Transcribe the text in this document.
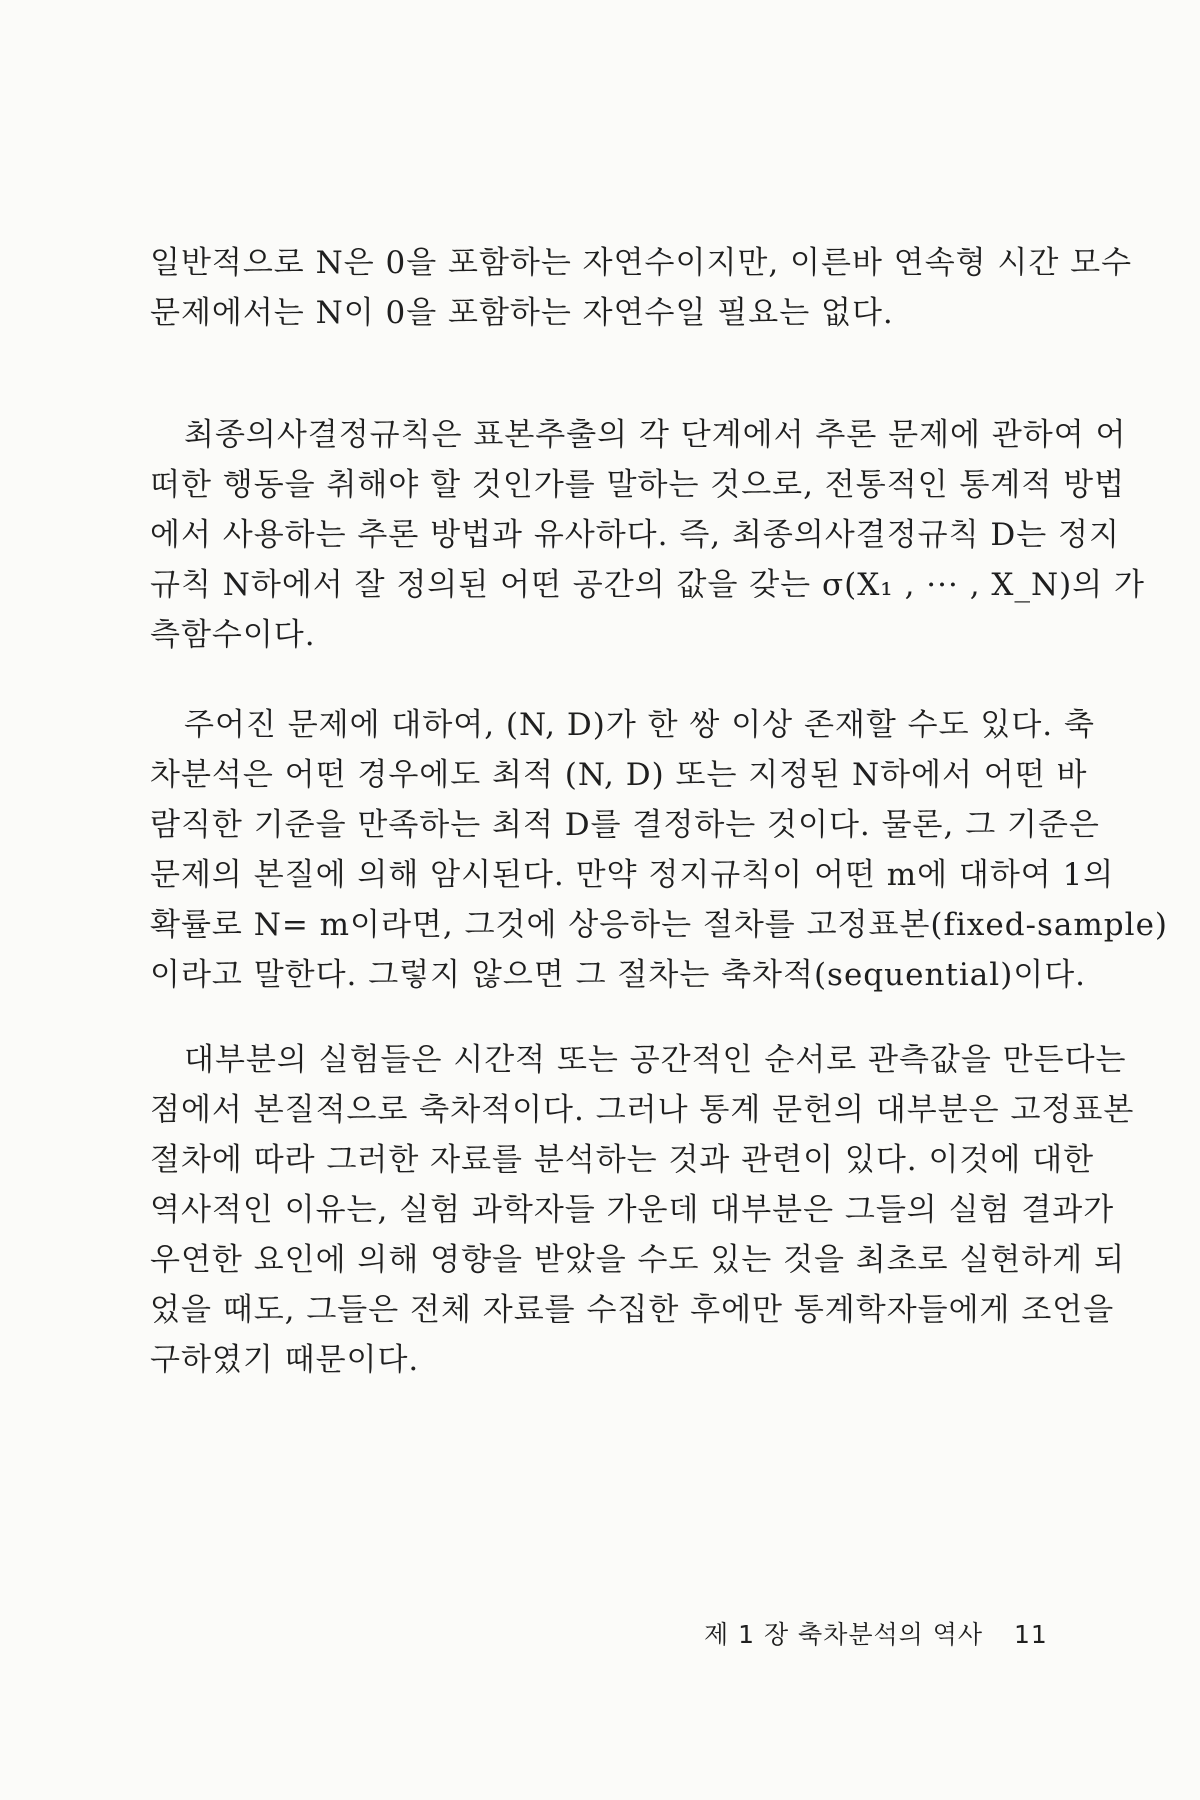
일반적으로 N은 0을 포함하는 자연수이지만, 이른바 연속형 시간 모수
문제에서는 N이 0을 포함하는 자연수일 필요는 없다.
최종의사결정규칙은 표본추출의 각 단계에서 추론 문제에 관하여 어
떠한 행동을 취해야 할 것인가를 말하는 것으로, 전통적인 통계적 방법
에서 사용하는 추론 방법과 유사하다. 즉, 최종의사결정규칙 D는 정지
규칙 N하에서 잘 정의된 어떤 공간의 값을 갖는 σ(X₁ , ··· , X_N)의 가
측함수이다.
주어진 문제에 대하여, (N, D)가 한 쌍 이상 존재할 수도 있다. 축
차분석은 어떤 경우에도 최적 (N, D) 또는 지정된 N하에서 어떤 바
람직한 기준을 만족하는 최적 D를 결정하는 것이다. 물론, 그 기준은
문제의 본질에 의해 암시된다. 만약 정지규칙이 어떤 m에 대하여 1의
확률로 N= m이라면, 그것에 상응하는 절차를 고정표본(fixed-sample)
이라고 말한다. 그렇지 않으면 그 절차는 축차적(sequential)이다.
대부분의 실험들은 시간적 또는 공간적인 순서로 관측값을 만든다는
점에서 본질적으로 축차적이다. 그러나 통계 문헌의 대부분은 고정표본
절차에 따라 그러한 자료를 분석하는 것과 관련이 있다. 이것에 대한
역사적인 이유는, 실험 과학자들 가운데 대부분은 그들의 실험 결과가
우연한 요인에 의해 영향을 받았을 수도 있는 것을 최초로 실현하게 되
었을 때도, 그들은 전체 자료를 수집한 후에만 통계학자들에게 조언을
구하였기 때문이다.
제 1 장 축차분석의 역사 11
